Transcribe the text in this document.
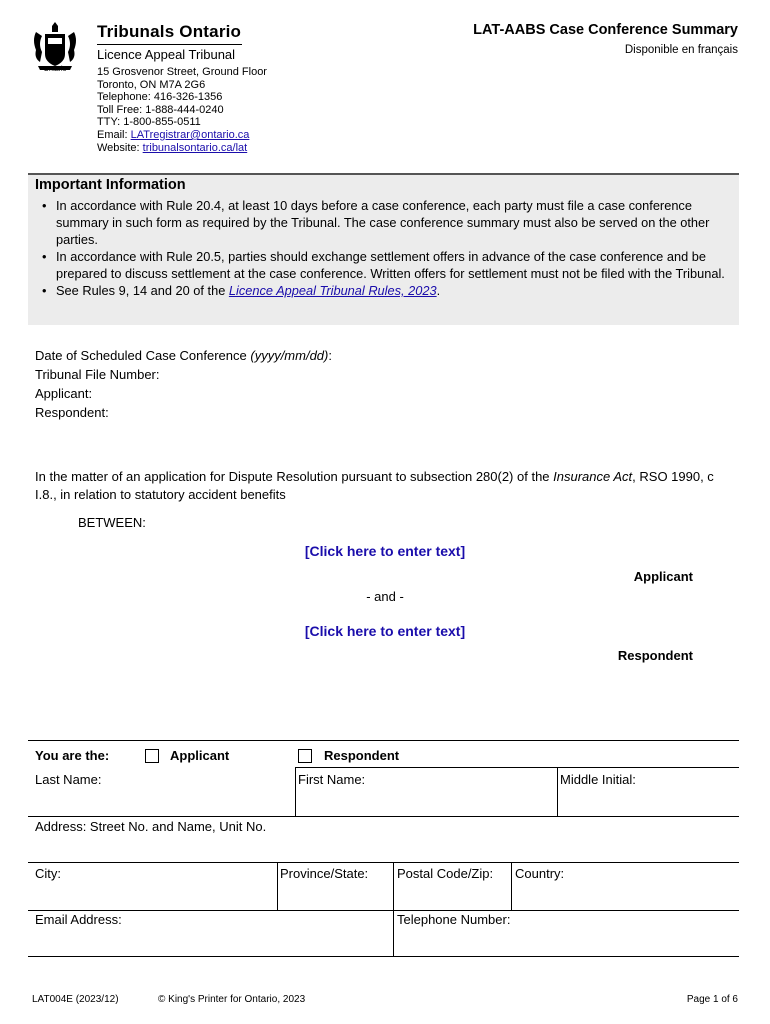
Ontario
Tribunals Ontario
Licence Appeal Tribunal
15 Grosvenor Street, Ground Floor
Toronto, ON M7A 2G6
Telephone: 416-326-1356
Toll Free: 1-888-444-0240
TTY: 1-800-855-0511
Email: LATregistrar@ontario.ca
Website: tribunalsontario.ca/lat
LAT-AABS Case Conference Summary
Disponible en français
Important Information
• In accordance with Rule 20.4, at least 10 days before a case conference, each party must file a case conference summary in such form as required by the Tribunal. The case conference summary must also be served on the other parties.
• In accordance with Rule 20.5, parties should exchange settlement offers in advance of the case conference and be prepared to discuss settlement at the case conference. Written offers for settlement must not be filed with the Tribunal.
• See Rules 9, 14 and 20 of the Licence Appeal Tribunal Rules, 2023.
Date of Scheduled Case Conference (yyyy/mm/dd):
Tribunal File Number:
Applicant:
Respondent:
In the matter of an application for Dispute Resolution pursuant to subsection 280(2) of the Insurance Act, RSO 1990, c I.8., in relation to statutory accident benefits
BETWEEN:
[Click here to enter text]
Applicant
- and -
[Click here to enter text]
Respondent
You are the:	Applicant	Respondent
Last Name:	First Name:	Middle Initial:
Address: Street No. and Name, Unit No.
City:	Province/State: Postal Code/Zip: Country:
Email Address:	Telephone Number:
LAT004E (2023/12)	© King's Printer for Ontario, 2023	Page 1 of 6
